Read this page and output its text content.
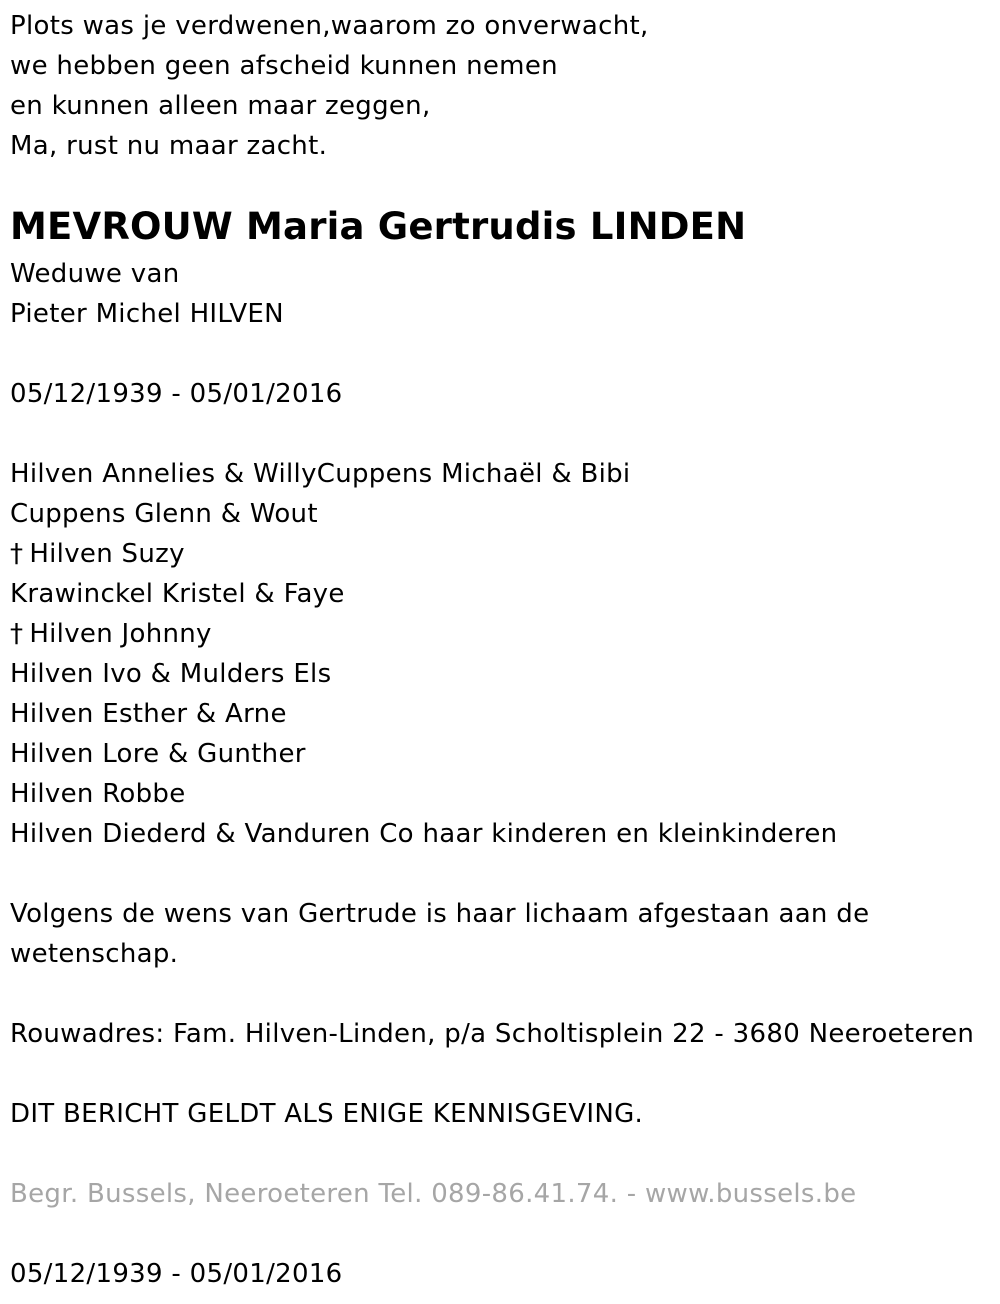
Plots was je verdwenen,waarom zo onverwacht,
we hebben geen afscheid kunnen nemen
en kunnen alleen maar zeggen,
Ma, rust nu maar zacht.
MEVROUW Maria Gertrudis LINDEN
Weduwe van
Pieter Michel HILVEN
05/12/1939 - 05/01/2016
Hilven Annelies & WillyCuppens Michaël & Bibi
Cuppens Glenn & Wout
† Hilven Suzy
Krawinckel Kristel & Faye
† Hilven Johnny
Hilven Ivo & Mulders Els
Hilven Esther & Arne
Hilven Lore & Gunther
Hilven Robbe
Hilven Diederd & Vanduren Co haar kinderen en kleinkinderen
Volgens de wens van Gertrude is haar lichaam afgestaan aan de
wetenschap.
Rouwadres: Fam. Hilven-Linden, p/a Scholtisplein 22 - 3680 Neeroeteren
DIT BERICHT GELDT ALS ENIGE KENNISGEVING.
Begr. Bussels, Neeroeteren Tel. 089-86.41.74. - www.bussels.be
05/12/1939 - 05/01/2016
